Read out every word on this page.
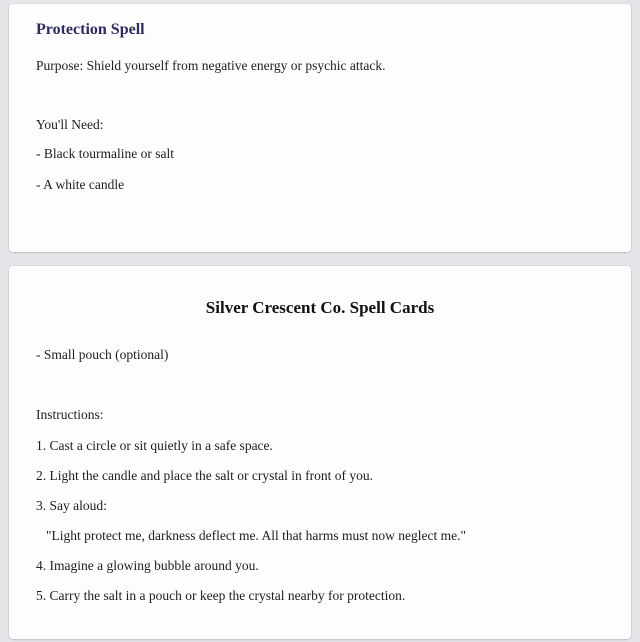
Protection Spell
Purpose: Shield yourself from negative energy or psychic attack.
You'll Need:
- Black tourmaline or salt
- A white candle
Silver Crescent Co. Spell Cards
- Small pouch (optional)
Instructions:
1. Cast a circle or sit quietly in a safe space.
2. Light the candle and place the salt or crystal in front of you.
3. Say aloud:
"Light protect me, darkness deflect me. All that harms must now neglect me."
4. Imagine a glowing bubble around you.
5. Carry the salt in a pouch or keep the crystal nearby for protection.
